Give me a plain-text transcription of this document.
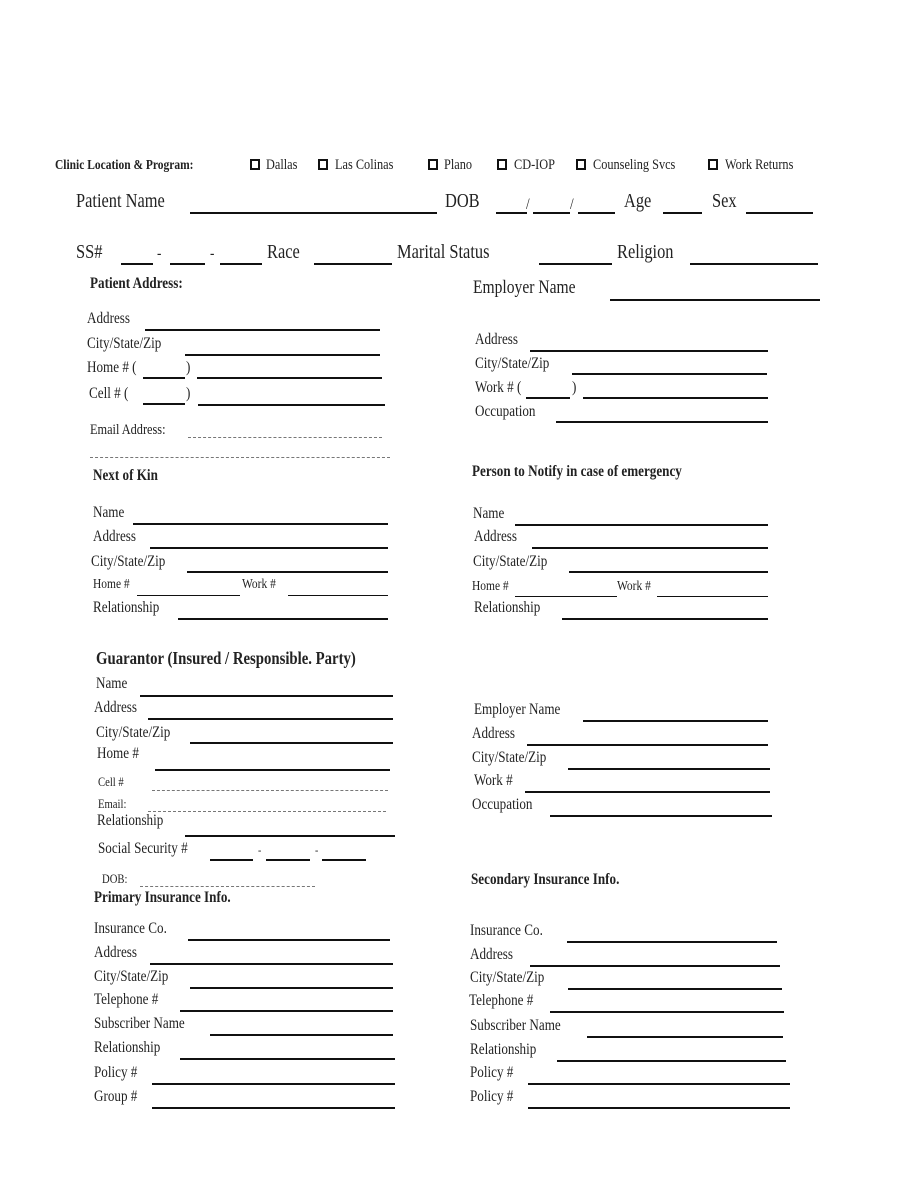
Clinic Location & Program:	Dallas	Las Colinas	Plano	CD-IOP	Counseling Svcs	Work Returns
Patient Name	DOB	/	/	Age	Sex
SS#	-	-	Race	Marital Status	Religion
Patient Address:
Address
City/State/Zip
Home # (	)
Cell # (	)
Email Address:
Employer Name
Address
City/State/Zip
Work # (	)
Occupation
Next of Kin
Name
Address
City/State/Zip
Home #	Work #
Relationship
Person to Notify in case of emergency
Name
Address
City/State/Zip
Home #	Work #
Relationship
Guarantor (Insured / Responsible. Party)
Name
Address
City/State/Zip
Home #
Cell #
Email:
Relationship
Social Security #	-	-
DOB:
Employer Name
Address
City/State/Zip
Work #
Occupation
Primary Insurance Info.
Insurance Co.
Address
City/State/Zip
Telephone #
Subscriber Name
Relationship
Policy #
Group #
Secondary Insurance Info.
Insurance Co.
Address
City/State/Zip
Telephone #
Subscriber Name
Relationship
Policy #
Policy #
